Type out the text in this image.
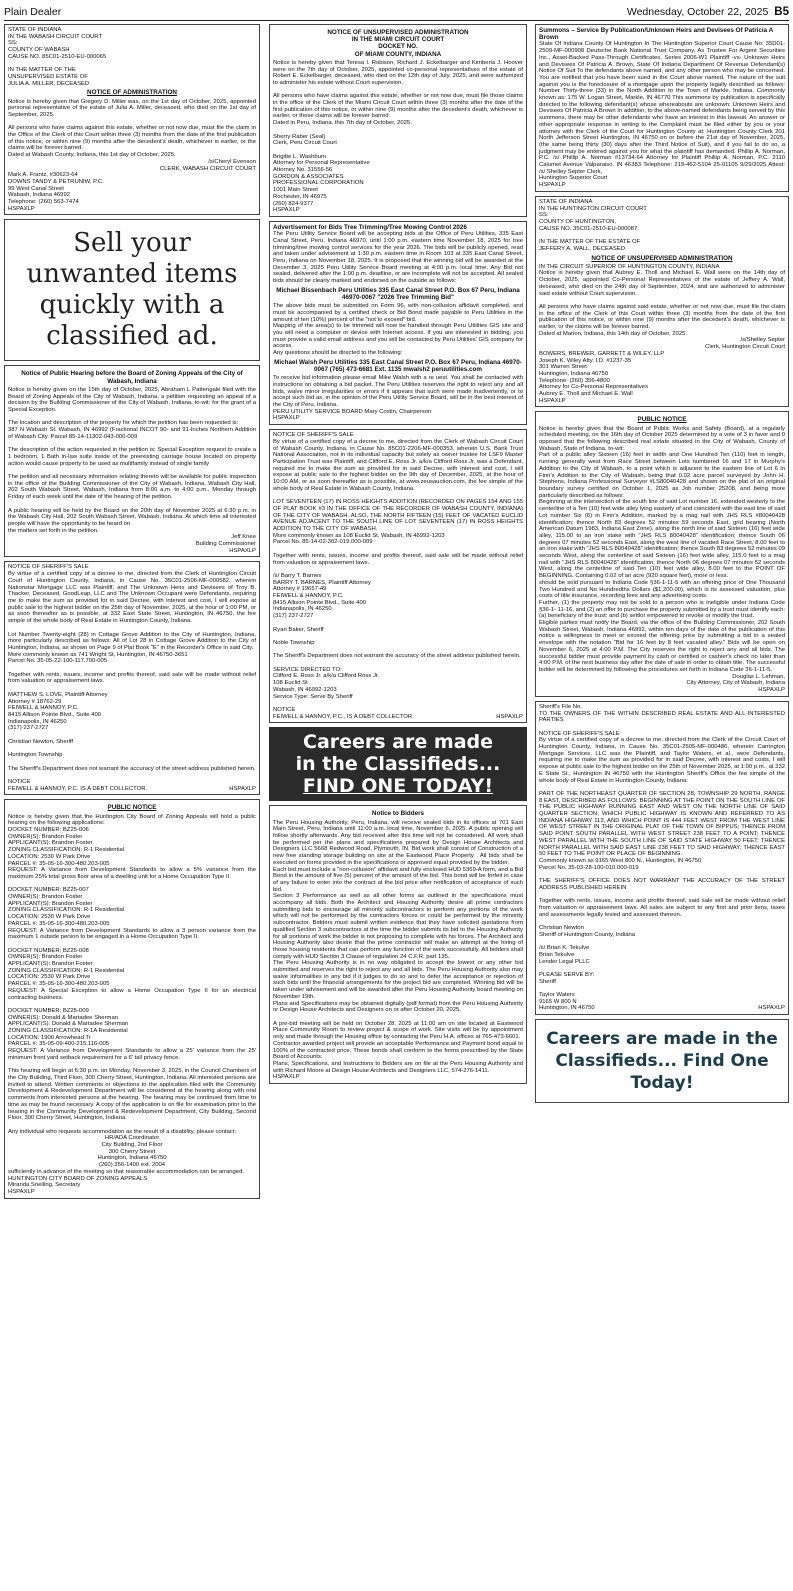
Plain Dealer	Wednesday, October 22, 2025 B5
STATE OF INDIANA
IN THE WABASH CIRCUIT COURT
SS:
COUNTY OF WABASH
CAUSE NO. 85C01-2510-EU-000065

IN THE MATTER OF THE
UNSUPERVISED ESTATE OF
JULIA A. MILLER, DECEASED
NOTICE OF ADMINISTRATION
Notice is hereby given that Gregory D. Miller was, on the 1st day of October, 2025, appointed personal representative of the estate of Julia A. Miller, deceased, who died on the 1st day of September, 2025.

All persons who have claims against this estate, whether or not now due, must file the claim in the Office of the Clerk of this Court within three (3) months from the date of the first publication of this notice, or within nine (9) months after the decedent's death, whichever is earlier, or the claims will be forever barred.
Dated at Wabash County, Indiana, this 1st day of October, 2025.
/s/Cheryl Evenson
CLERK, WABASH CIRCUIT COURT
Mark A. Frantz, #30623-64
DOWNS TANDY & PETRUNIW, P.C.
99 West Canal Street
Wabash, Indiana 46992
Telephone: (260) 563-7474
HSPAXLP
Sell your unwanted items quickly with a classified ad.
Notice of Public Hearing before the Board of Zoning Appeals of the City of Wabash, Indiana
Notice is hereby given on the 15th day of October, 2025, Abraham L Pattengale filed with the Board of Zoning Appeals of the City of Wabash, Indiana, a petition requesting an appeal of a decision by the Building Commissioner of the City of Wabash, Indiana, to-wit: for the grant of a Special Exception.

The location and description of the property for which the petition has been requested is:
387 N Wabash St. Wabash, IN 46992 (Fractional INCOT 90- and 91-Inches Northern Addition of Wabash City. Parcel 85-14-11302-043-000-009

The description of the action requested in the petition is: Special Exception request to create a 1 bedroom, 1 Bath in-law suite inside of the preexisting carriage house located on property action would cause property to be used as multifamily instead of single family

The petition and all necessary information relating thereto will be available for public inspection in the office of the Building Commissioner of the City of Wabash, Indiana, Wabash City Hall, 202 South Wabash Street, Wabash, Indiana from 8:00 a.m. to 4:00 p.m., Monday through Friday of each week until the date of the hearing of the petition.

A public hearing will be held by the Board on the 20th day of November 2025 at 6:30 p.m. in the Wabash City Hall, 202 South Wabash Street, Wabash, Indiana. At which time all interested people will have the opportunity to be heard on
the matters set forth in the petition.
Jeff Knee
Building Commissioner
HSPAXLP
NOTICE OF SHERIFF'S SALE
By virtue of a certified copy of a decree to me, directed from the Clerk of Huntington Circuit Court of Huntington County, Indiana, in Cause No. 35C01-2506-MF-000582, wherein Nationstar Mortgage LLC was Plaintiff, and The Unknown Heirs and Devisees of Troy B. Thacker, Deceased, GoodLeap, LLC and The Unknown Occupant were Defendants, requiring me to make the sum as provided for in said Decree, with interest and cost, I will expose at public sale to the highest bidder on the 25th day of November, 2025, at the hour of 1:00 PM, or as soon thereafter as is possible, at 332 East State Street, Huntington, IN 46750, the fee simple of the whole body of Real Estate in Huntington County, Indiana.

Lot Number Twenty-eight (28) in Cottage Grove Addition to the City of Huntington, Indiana, more particularly described as follows: All of Lot 28 in Cottage Grove Addition to the City of Huntington, Indiana, as shown on Page 9 of Plat Book "E" in the Recorder's Office in said City.
More commonly known as 741 Wright St, Huntington, IN 46750-3651
Parcel No. 35-05-22-100-117.700-005

Together with rents, issues, income and profits thereof, said sale will be made without relief from valuation or appraisement laws.

MATTHEW S. LOVE, Plaintiff Attorney
Attorney # 18762-29
FEIWELL & HANNOY, P.C.
8415 Allison Pointe Blvd., Suite 400
Indianapolis, IN 46250
(317) 237-2727

Christian Newton, Sheriff

Huntington Township

The Sheriff's Department does not warrant the accuracy of the street address published herein.

NOTICE
FEIWELL & HANNOY, P.C. IS A DEBT COLLECTOR.	HSPAXLP
PUBLIC NOTICE
Notice is hereby given that the Huntington City Board of Zoning Appeals will hold a public hearing on the following applications:
DOCKET NUMBER: BZ25-006
OWNER(S): Brandon Foster
APPLICANT(S): Brandon Foster
ZONING CLASSIFICATION: R-1 Residential
LOCATION: 2530 W Park Drive
PARCEL #: 35-05-16-300-480.203-005
REQUEST: A Variance from Development Standards to allow a 5% variance from the maximum 25% total gross floor area of a dwelling unit for a Home Occupation Type II.

DOCKET NUMBER: BZ25-007
OWNER(S): Brandon Foster
APPLICANT(S): Brandon Foster
ZONING CLASSIFICATION: R-1 Residential
LOCATION: 2530 W Park Drive
PARCEL #: 35-05-16-300-480.203-005
REQUEST: A Variance from Development Standards to allow a 3 person variance from the maximum 1 outside person to be engaged in a Home Occupation Type II.

DOCKET NUMBER: BZ25-008
OWNER(S): Brandon Foster
APPLICANT(S): Brandon Foster
ZONING CLASSIFICATION: R-1 Residential
LOCATION: 2530 W Park Drive
PARCEL #: 35-05-16-300-480.203-005
REQUEST: A Special Exception to allow a Home Occupation Type II for an electrical contracting business.

DOCKET NUMBER: BZ25-009
OWNER(S): Donald & Martadee Sherman
APPLICANT(S): Donald & Martadee Sherman
ZONING CLASSIFICATION: R-1A Residential
LOCATION: 1900 Arrowhead Tr
PARCEL #: 35-05-09-400-215.116-005
REQUEST: A Variance from Development Standards to allow a 25' variance from the 25' minimum front yard setback requirement for a 6' tall privacy fence.

This hearing will begin at 6:30 p.m. on Monday, November 3, 2025, in the Council Chambers of the City Building, Third Floor, 300 Cherry Street, Huntington, Indiana. All interested persons are invited to attend. Written comments or objections to the application filed with the Community Development & Redevelopment Department will be considered at the hearing along with oral comments from interested persons at the hearing. The hearing may be continued from time to time as may be found necessary. A copy of the application is on file for examination prior to the hearing in the Community Development & Redevelopment Department, City Building, Second Floor, 300 Cherry Street, Huntington, Indiana.

Any individual who requests accommodation as the result of a disability, please contact:
HR/ADA Coordinator
City Building, 2nd Floor
300 Cherry Street
Huntington, Indiana 46750
(260) 356-1400 ext. 2004
sufficiently in advance of the meeting so that reasonable accommodation can be arranged.
HUNTINGTON CITY BOARD OF ZONING APPEALS
Miranda Snelling, Secretary
HSPAXLP
NOTICE OF UNSUPERVISED ADMINISTRATION
IN THE MIAMI CIRCUIT COURT
DOCKET NO.
OF MIAMI COUNTY, INDIANA
Notice is hereby given that Teresa I. Robison, Richard J. Eckelbarger and Kimberla J. Hoover were on the 7th day of October, 2025, appointed co-personal representatives of the estate of Robert E. Eckelbarger, deceased, who died on the 12th day of July, 2025, and were authorized to administer his estate without Court supervision.

All persons who have claims against this estate, whether or not now due, must file those claims in the office of the Clerk of the Miami Circuit Court within three (3) months after the date of the first publication of this notice, or within nine (9) months after the decedent's death, whichever is earlier, or those claims will be forever barred.
Dated in Peru, Indiana, this 7th day of October, 2025.

Sherry Raber (Seal)
Clerk, Peru Circuit Court

Brigitte L. Washburn
Attorney for Personal Representative
Attorney No. 31556-56
GORDON & ASSOCIATES
PROFESSIONAL CORPORATION
1001 Main Street
Rochester, IN 46975
(260) 824-9377
HSPAXLP
Advertisement for Bids Tree Trimming/Tree Mowing Control 2026
The Peru Utility Service Board will be accepting bids at the Office of Peru Utilities, 335 East Canal Street, Peru, Indiana 46970, until 1:00 p.m. eastern time November 18, 2025 for tree trimming/tree mowing control services for the year 2026. The bids will be publicly opened, read and taken under advisement at 1:30 p.m. eastern time in Room 103 at 335 East Canal Street, Peru, Indiana on November 18, 2025. It is proposed that the winning bid will be awarded at the December 3, 2025 Peru Utility Service Board meeting at 4:00 p.m. local time. Any Bid not sealed, delivered after the 1:00 p.m. deadline, or are incomplete will not be accepted. All sealed bids should be clearly marked and endorsed on the outside as follows:
Michael Bissenbach Peru Utilities 335 East Canal Street P.O. Box 67 Peru, Indiana 46970-0067 "2026 Tree Trimming Bid"
The above bids must be submitted on Form 96, with non-collusion affidavit completed, and must be accompanied by a certified check or Bid Bond made payable to Peru Utilities in the amount of ten (10%) percent of the "not to exceed" bid.
Mapping of the area(s) to be trimmed will now be handled through Peru Utilities GIS site and you will need a computer or device with Internet access. If you are interested in bidding, you must provide a valid email address and you will be contacted by Peru Utilities' GIS company for access.
Any questions should be directed to the following:
Michael Walsh Peru Utilities 335 East Canal Street P.O. Box 67 Peru, Indiana 46970-0067 (765) 473-6681 Ext. 1135 mwalsh2 peruutilities.com
To receive bid information please email Mike Walsh with a re uest. You shall be contacted with instructions on obtaining a bid packet. The Peru Utilities reserves the right to reject any and all bids, waive minor irregularities or errors if it appears that such were made inadvertently, or to accept such bid as, in the opinion of the Peru Utility Service Board, will be in the best interest of the City of Peru, Indiana.
PERU UTILITY SERVICE BOARD Mary Costin, Chairperson
HSPAXLP
NOTICE OF SHERIFF'S SALE
By virtue of a certified copy of a decree to me, directed from the Clerk of Wabash Circuit Court of Wabash County, Indiana, in Cause No. 85C01-2206-MF-000353, wherein U.S. Bank Trust National Association, not in its individual capacity but solely as owner trustee for LSF9 Master Participation Trust was Plaintiff, and Clifford E. Ross Jr. a/k/a Clifford Ross Jr. was a Defendant, required me to make the sum as provided for in said Decree, with interest and cost, I will expose at public sale to the highest bidder on the 9th day of December, 2025, at the hour of 10:00 AM, or as soon thereafter as is possible, at www.zeusauction.com, the fee simple of the whole body of Real Estate in Wabash County, Indiana.

LOT SEVENTEEN (17) IN ROSS HEIGHTS ADDITION (RECORDED ON PAGES 154 AND 155 OF PLAT BOOK #3 IN THE OFFICE OF THE RECORDER OF WABASH COUNTY, INDIANA) OF THE CITY OF WABASH. ALSO, THE NORTH FIFTEEN (15) FEET OF VACATED EUCLID AVENUE ADJACENT TO THE SOUTH LINE OF LOT SEVENTEEN (17) IN ROSS HEIGHTS ADDITION TO THE CITY OF WABASH.
More commonly known as 108 Euclid St, Wabash, IN 46992-1203
Parcel No. 85-14-02-302-019.000-009

Together with rents, issues, income and profits thereof, said sale will be made without relief from valuation or appraisement laws.

/s/ Barry T. Barnes
BARRY T. BARNES, Plaintiff Attorney
Attorney # 19657-49
FEIWELL & HANNOY, P.C.
8415 Allison Pointe Blvd., Suite 400
Indianapolis, IN 46250
(317) 237-2727

Ryan Baker, Sheriff

Noble Township

The Sheriff's Department does not warrant the accuracy of the street address published herein.

SERVICE DIRECTED TO:
Clifford E. Ross Jr. a/k/a Clifford Ross Jr.
108 Euclid St
Wabash, IN 46992-1203
Service Type: Serve By Sheriff

NOTICE
FEIWELL & HANNOY, P.C., IS A DEBT COLLECTOR.	HSPAXLP
Careers are made
in the Classifieds...
FIND ONE TODAY!
Notice to Bidders
The Peru Housing Authority, Peru, Indiana, will receive sealed bids in its offices at 701 East Main Street, Peru, Indiana until 11:00 a.m. local time, November 6, 2025. A public opening will follow shortly afterwards. Any bid received after this time will not be considered. All work shall be performed per the plans and specifications prepared by Design House Architects and Designers LLC 5668 Redwood Road, Plymouth, IN. Bid work shall consist of Construction of a new free standing storage building on site at the Eastwood Place Property . All bids shall be executed on forms provided in the specifications or approved equal provided by the bidder.
Each bid must include a "non-collusion" affidavit and fully enclosed HUD 5369-A form, and a Bid Bond in the amount of five (5) percent of the amount of the bid. This bond will be forfeit in case of any failure to enter into the contract at the bid price after notification of acceptance of such bid.
Section 3 Performance as well as all other forms as outlined in the specifications must accompany all bids. Both the Architect and Housing Authority desire all prime contractors submitting bids to encourage all minority subcontractors to perform any portions of the work which will not be performed by the contractors forces or could be performed by the minority subcontractor. Bidders must submit written evidence that they have solicited quotations from qualified Section 3 subcontractors at the time the bidder submits its bid to the Housing Authority for all portions of work the bidder is not proposing to complete with his forces. The Architect and Housing Authority also desire that the prime contractor will make an attempt at the hiring of those housing residents that can perform any function of the work successfully. All bidders shall comply with HUD Section 3 Clause of regulation 24 C.F.R. part 135.
The Peru Housing Authority is in no way obligated to accept the lowest or any other bid submitted and reserves the right to reject any and all bids. The Peru Housing Authority also may waive informalities in any bid if it judges to do so and to defer the acceptance or rejection of such bids until the financial arrangements for the project bid are completed. Winning bid will be taken under advisement and will be awarded after the Peru Housing Authority board meeting on November 19th.
Plans and Specifications may be obtained digitally (pdf format) from the Peru Housing Authority or Design House Architects and Designers on or after October 20, 2025.

A pre-bid meeting will be held on October 28, 2025 at 11:00 am on site located at Eastwood Place Community Room to review project & scope of work. Site visits will be by appointment only and made through the Housing office by contacting the Peru H.A. offices at 765-473-6601.
Contractor awarded project will provide an acceptable Performance and Payment bond equal to 100% of the contracted price. These bonds shall conform to the forms prescribed by the State Board of Accounts.
Plans, Specifications, and Instructions to Bidders are on file at the Peru Housing Authority and with Richard Moore at Design House Architects and Designers LLC, 574-276-1411.
HSPAXLP
Summons – Service By Publication/Unknown Heirs and Devisees Of Patricia A Brown
State Of Indiana County Of Huntington In The Huntington Superior Court Cause No: 35D01-2509-MF-000908 Deutsche Bank National Trust Company, As Trustee For Argent Securities Inc., Asset-Backed Pass-Through Certificates, Series 2006-W1 Plaintiff -vs- Unknown Heirs and Devisees Of Patricia A. Brown, State Of Indiana Department Of Revenue Defendant(s) Notice Of Suit To the defendants above named, and any other person who may be concerned. You are notified that you have been sued in the Court above named. The nature of the suit against you is the foreclosure of a mortgage upon the property legally described as follows: Number Thirty-three (33) in the North Addition to the Town of Markle, Indiana. Commonly known as: 175 W. Logan Street, Markle, IN 46770 This summons by publication is specifically directed to the following defendant(s) whose whereabouts are unknown: Unknown Heirs and Devisees Of Patricia A Brown In addition, to the above-named defendants being served by this summons, there may be other defendants who have an interest in this lawsuit. An answer or other appropriate response in writing to the Complaint must be filed either by you or your attorney with the Clerk of the Court for Huntington County at: Huntington County Clerk 201 North Jefferson Street Huntington, IN 46750 on or before the 21st day of November, 2025, (the same being thirty (30) days after the Third Notice of Suit), and if you fail to do so, a judgment may be entered against you for what the plaintiff has demanded. Phillip A. Norman, P.C. /s/ Phillip A. Norman #13734-64 Attorney for Plaintiff Phillip A. Norman, P.C. 2110 Calumet Avenue Valparaiso, IN 46383 Telephone: 219-462-5104 25-01105 9/29/2025 Attest: /s/ Shelley Septer Clerk,
Huntington Superior Court
HSPAXLP
STATE OF INDIANA
IN THE HUNTINGTON CIRCUIT COURT
SS:
COUNTY OF HUNTINGTON,
CAUSE NO. 35C01-2510-EU-000087

IN THE MATTER OF THE ESTATE OF
JEFFERY A. WALL, DECEASED
NOTICE OF UNSUPERVISED ADMINISTRATION
IN THE CIRCUIT SUPERIOR OF HUNTINGTON COUNTY, INDIANA
Notice is hereby given that Aubrey E. Tholl and Michael E. Wall were on the 14th day of October, 2025, appointed Co-Personal Representatives of the estate of Jeffery A. Wall, deceased, who died on the 24th day of September, 2024, and are authorized to administer said estate without Court supervision.

All persons who have claims against said estate, whether or not now due, must file the claim in the office of the Clerk of this Court within three (3) months from the date of the first publication of this notice, or within nine (9) months after the decedent's death, whichever is earlier, or the claims will be forever barred.
Dated at Marion, Indiana, this 14th day of October, 2025.
/s/Shelley Septer
Clerk, Huntington Circuit Court
BOWERS, BREWER, GARRETT & WILEY, LLP
Joseph K. Wiley Atty. I.D. #1237-35
301 Warren Street
Huntington, Indiana 46750
Telephone: (260) 356-4800
Attorney for Co-Personal Representatives
Aubrey E. Tholl and Michael E. Wall
HSPAXLP
PUBLIC NOTICE
Notice is hereby given that the Board of Public Works and Safety (Board), at a regularly scheduled meeting, on the 16th day of October 2025 determined by a vote of 3 in favor and 0 opposed that the following described real estate situated in the City of Wabash, County of Wabash, State of Indiana, to-wit:
Part of a public alley Sixteen (16) feet in width and One Hundred Ten (110) feet in length, running generally west from Race Street between Lots numbered 16 and 17 in Murphy's Addition to the City of Wabash, to a point which is adjacent to the eastern line of Lot 6 in Finn's Addition to the City of Wabash, being that 0.02 acre parcel surveyed by John H. Stephens, Indiana Professional Surveyor #LS80040428 and shown on the plat of an original boundary survey certified on October 1, 2025 as Job number 25208, and being more particularly described as follows:
Beginning at the intersection of the south line of said Lot number 16, extended westerly to the centerline of a Ten (10) feet wide alley lying easterly of and coincident with the east line of said Lot number Six (6) in Finn's Addition, marked by a mag nail with JHS RLS #80040428 identification; thence North 83 degrees 52 minutes 59 seconds East, grid bearing (North American Datum 1983, Indiana East Zone), along the north line of said Sixteen (16) feet wide alley, 115.00 to an iron stake with "JHS RLS 80040428" identification; thence South 06 degrees 07 minutes 52 seconds East, along the west line of vacated Race Street, 8.00 feet to an iron stake with "JHS RLS 80040428" identification; thence South 83 degrees 52 minutes 09 seconds West, along the centerline of said Sixteen (16) feet wide alley, 115.0 feet to a mag nail with "JHS RLS 80040428" identification; thence North 06 degrees 07 minutes 52 seconds West, along the centerline of said Ten (10) feet wide alley, 8.00 feet to the POINT OF BEGINNING. Containing 0.02 of an acre (920 square feet), more or less.
should be sold pursuant to Indiana Code §36-1-11-5 with an offering price of One Thousand Two Hundred and No Hundredths Dollars ($1,200.00), which is its assessed valuation, plus costs of title insurance, recording fees and any advertising costs.
Further, (1) the property may not be sold to a person who is ineligible under Indiana Code §36-1- 11-16, and (2) an offer to purchase the property submitted by a trust must identify each: (a) beneficiary of the trust; and (b) settlor empowered to revoke or modify the trust.
Eligible parties must notify the Board, via the office of the Building Commissioner, 202 South Wabash Street, Wabash, Indiana 46992, within ten days of the date of the publication of this notice a willingness to meet or exceed the offering price by submitting a bid in a sealed envelope with the notation "Bid for 16 feet by 8 feet vacated alley." Bids will be open on November 6, 2025 at 4:00 P.M. The City reserves the right to reject any and all bids. The successful bidder must provide payment by cash or certified or cashier's check no later than 4:00 P.M. of the next business day after the date of sale in order to obtain title. The successful bidder will be determined by following the procedures set forth in Indiana Code 36-1-11-5.
Douglas L. Lehman,
City Attorney, City of Wabash, Indiana
HSPAXLP
Sheriff's File No.
TO THE OWNERS OF THE WITHIN DESCRIBED REAL ESTATE AND ALL INTERESTED PARTIES

NOTICE OF SHERIFF'S SALE
By virtue of a certified copy of a decree to me, directed from the Clerk of the Circuit Court of Huntington County, Indiana, in Cause No. 35C01-2505-MF-000486, wherein Carrington Mortgage Services, LLC was the Plaintiff, and Taylor Waters, et al., were Defendants, requiring me to make the sum as provided for in said Decree, with interest and costs, I will expose at public sale to the highest bidder on the 25th of November 2025, at 1:00 p.m., at 332 E State St., Huntington IN 46750 with the Huntington Sheriff's Office the fee simple of the whole body of Real Estate in Huntington County, Indiana:

PART OF THE NORTHEAST QUARTER OF SECTION 28, TOWNSHIP 29 NORTH, RANGE 8 EAST, DESCRIBED AS FOLLOWS: BEGINNING AT THE POINT ON THE SOUTH LINE OF THE PUBLIC HIGHWAY RUNNING EAST AND WEST ON THE NORTH LINE OF SAID QUARTER SECTION, WHICH PUBLIC HIGHWAY IS KNOWN AND REFERRED TO AS INDIANA HIGHWAY 113, AND WHICH POINT IS 444 FEET WEST FROM THE WEST LINE OF WEST STREET IN THE ORIGINAL PLAT OF THE TOWN OF BIPPUS; THENCE FROM SAID POINT SOUTH PARALLEL WITH WEST STREET 238 FEET TO A POINT; THENCE WEST PARALLEL WITH THE SOUTH LINE OF SAID STATE HIGHWAY 50 FEET; THENCE NORTH PARALLEL WITH SAID EAST LINE 238 FEET TO SAID HIGHWAY; THENCE EAST 50 FEET TO THE POINT OR PLACE OF BEGINNING.
Commonly known as 9165 West 800 N., Huntington, IN 46750
Parcel No. 35-03-28-100-010.000-019

THE SHERIFF'S OFFICE DOES NOT WARRANT THE ACCURACY OF THE STREET ADDRESS PUBLISHED HEREIN

Together with rents, issues, income and profits thereof, said sale will be made without relief from valuation or appraisement laws. All sales are subject to any first and prior liens, taxes and assessments legally levied and assessed thereon.

Christian Newton
Sheriff of Huntington County, Indiana

/s/ Brian K. Tekulve
Brian Tekulve
Lender Legal PLLC

PLEASE SERVE BY:
Sheriff

Taylor Waters
9165 W 800 N
Huntington, IN 46750	HSPAXLP
Careers are made in the Classifieds... Find One Today!
